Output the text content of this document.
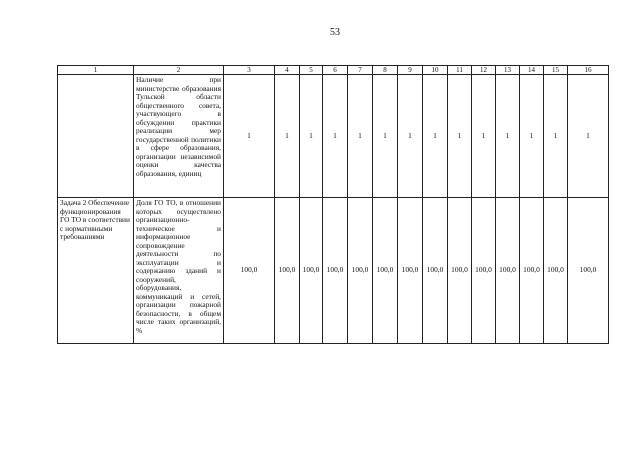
53
1	2	3	4	5	6	7	8	9	10	11	12	13	14	15	16
	Наличие при министерстве образования Тульской области общественного совета, участвующего в обсуждении практики реализации мер государственной политики в сфере образования, организации независимой оценки качества образования, единиц	1	1	1	1	1	1	1	1	1	1	1	1	1	1
Задача 2 Обеспечение функционирования ГО ТО в соответствии с нормативными требованиями	Доля ГО ТО, в отношении которых осуществлено организационно-техническое и информационное сопровождение деятельности по эксплуатации и содержанию зданий и сооружений, оборудования, коммуникаций и сетей, организации пожарной безопасности, в общем числе таких организаций, %	100,0	100,0	100,0	100,0	100,0	100,0	100,0	100,0	100,0	100,0	100,0	100,0	100,0	100,0
